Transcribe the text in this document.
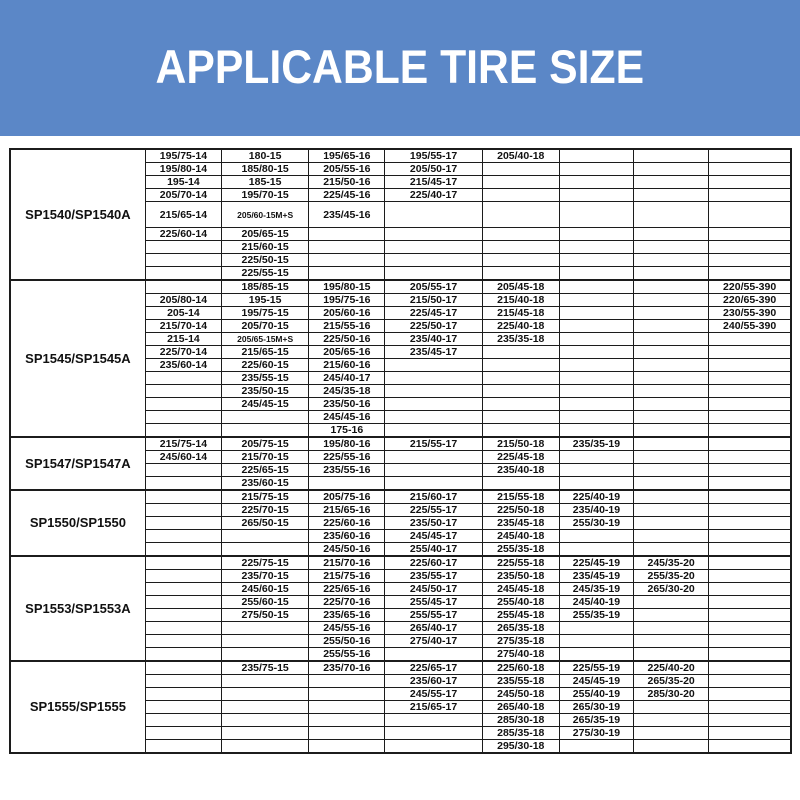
APPLICABLE TIRE SIZE
SP1540/SP1540A	195/75-14	180-15	195/65-16	195/55-17	205/40-18			
	195/80-14	185/80-15	205/55-16	205/50-17				
	195-14	185-15	215/50-16	215/45-17				
	205/70-14	195/70-15	225/45-16	225/40-17				
	215/65-14	205/60-15M+S	235/45-16					
	225/60-14	205/65-15						
		215/60-15						
		225/50-15						
		225/55-15						
SP1545/SP1545A		185/85-15	195/80-15	205/55-17	205/45-18			220/55-390
	205/80-14	195-15	195/75-16	215/50-17	215/40-18			220/65-390
	205-14	195/75-15	205/60-16	225/45-17	215/45-18			230/55-390
	215/70-14	205/70-15	215/55-16	225/50-17	225/40-18			240/55-390
	215-14	205/65-15M+S	225/50-16	235/40-17	235/35-18			
	225/70-14	215/65-15	205/65-16	235/45-17				
	235/60-14	225/60-15	215/60-16					
		235/55-15	245/40-17					
		235/50-15	245/35-18					
		245/45-15	235/50-16					
			245/45-16					
			175-16					
SP1547/SP1547A	215/75-14	205/75-15	195/80-16	215/55-17	215/50-18	235/35-19		
	245/60-14	215/70-15	225/55-16		225/45-18			
		225/65-15	235/55-16		235/40-18			
		235/60-15						
SP1550/SP1550		215/75-15	205/75-16	215/60-17	215/55-18	225/40-19		
		225/70-15	215/65-16	225/55-17	225/50-18	235/40-19		
		265/50-15	225/60-16	235/50-17	235/45-18	255/30-19		
			235/60-16	245/45-17	245/40-18			
			245/50-16	255/40-17	255/35-18			
SP1553/SP1553A		225/75-15	215/70-16	225/60-17	225/55-18	225/45-19	245/35-20	
		235/70-15	215/75-16	235/55-17	235/50-18	235/45-19	255/35-20	
		245/60-15	225/65-16	245/50-17	245/45-18	245/35-19	265/30-20	
		255/60-15	225/70-16	255/45-17	255/40-18	245/40-19		
		275/50-15	235/65-16	255/55-17	255/45-18	255/35-19		
			245/55-16	265/40-17	265/35-18			
			255/50-16	275/40-17	275/35-18			
			255/55-16		275/40-18			
SP1555/SP1555		235/75-15	235/70-16	225/65-17	225/60-18	225/55-19	225/40-20	
				235/60-17	235/55-18	245/45-19	265/35-20	
				245/55-17	245/50-18	255/40-19	285/30-20	
				215/65-17	265/40-18	265/30-19		
					285/30-18	265/35-19		
					285/35-18	275/30-19		
					295/30-18			
